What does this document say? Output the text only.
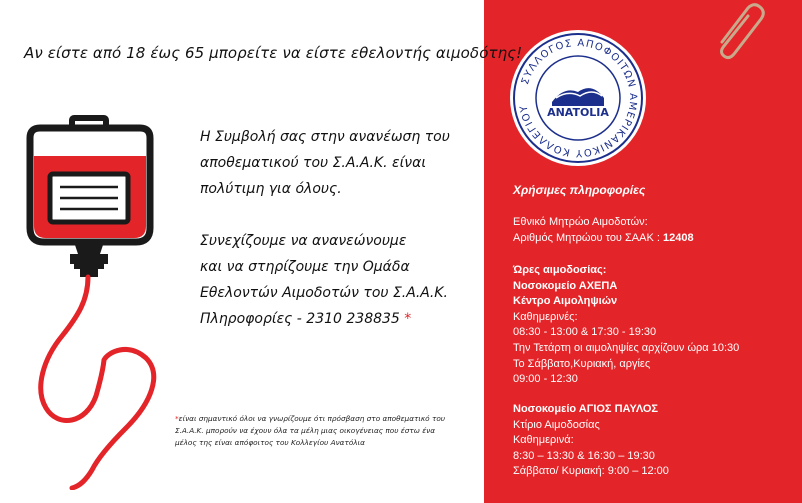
Αν είστε από 18 έως 65 μπορείτε να είστε εθελοντής αιμοδότης!
Η Συμβολή σας στην ανανέωση του
αποθεματικού του Σ.Α.Α.Κ. είναι
πολύτιμη για όλους.
Συνεχίζουμε να ανανεώνουμε
και να στηρίζουμε την Ομάδα
Εθελοντών Αιμοδοτών του Σ.Α.Α.Κ.
Πληροφορίες - 2310 238835 *
*είναι σημαντικό όλοι να γνωρίζουμε ότι πρόσβαση στο αποθεματικό του
Σ.Α.Α.Κ. μπορούν να έχουν όλα τα μέλη μιας οικογένειας που έστω ένα
μέλος της είναι απόφοιτος του Κολλεγίου Ανατόλια
ΣΥΛΛΟΓΟΣ ΑΠΟΦΟΙΤΩΝ ΑΜΕΡΙΚΑΝΙΚΟΥ ΚΟΛΛΕΓΙΟΥ	ANATOLIA
Χρήσιμες πληροφορίες
Εθνικό Μητρώο Αιμοδοτών:
Αριθμός Μητρώου του ΣΑΑΚ : 12408
Ώρες αιμοδοσίας:
Νοσοκομείο ΑΧΕΠΑ
Κέντρο Αιμοληψιών
Καθημερινές:
08:30 - 13:00 & 17:30 - 19:30
Την Τετάρτη οι αιμοληψίες αρχίζουν ώρα 10:30
Το Σάββατο,Κυριακή, αργίες
09:00 - 12:30
Νοσοκομείο ΑΓΙΟΣ ΠΑΥΛΟΣ
Κτίριο Αιμοδοσίας
Καθημερινά:
8:30 – 13:30 & 16:30 – 19:30
Σάββατο/ Κυριακή: 9:00 – 12:00
